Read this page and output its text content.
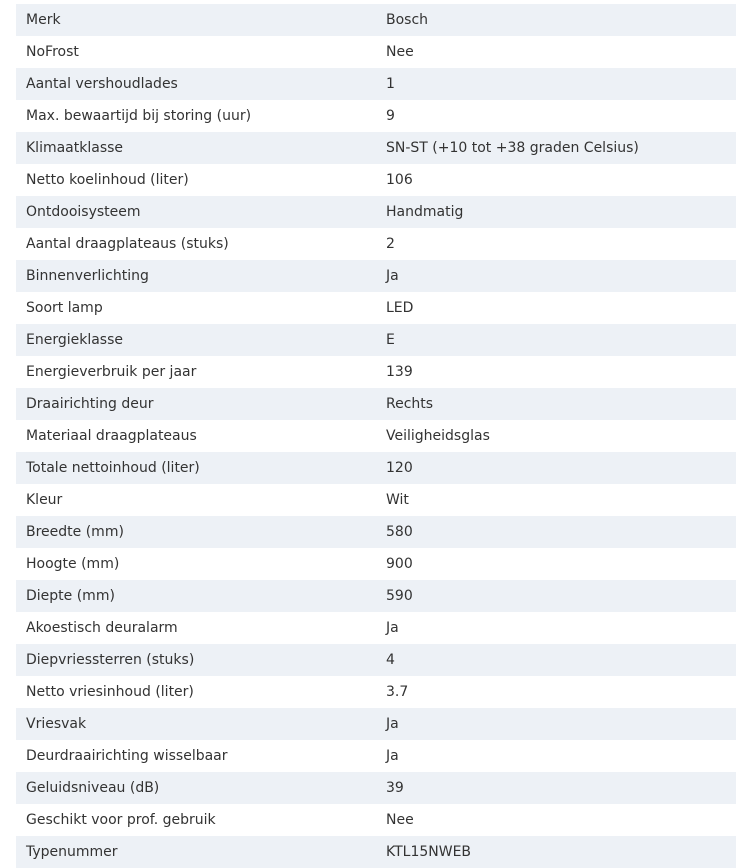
Merk	Bosch
NoFrost	Nee
Aantal vershoudlades	1
Max. bewaartijd bij storing (uur)	9
Klimaatklasse	SN-ST (+10 tot +38 graden Celsius)
Netto koelinhoud (liter)	106
Ontdooisysteem	Handmatig
Aantal draagplateaus (stuks)	2
Binnenverlichting	Ja
Soort lamp	LED
Energieklasse	E
Energieverbruik per jaar	139
Draairichting deur	Rechts
Materiaal draagplateaus	Veiligheidsglas
Totale nettoinhoud (liter)	120
Kleur	Wit
Breedte (mm)	580
Hoogte (mm)	900
Diepte (mm)	590
Akoestisch deuralarm	Ja
Diepvriessterren (stuks)	4
Netto vriesinhoud (liter)	3.7
Vriesvak	Ja
Deurdraairichting wisselbaar	Ja
Geluidsniveau (dB)	39
Geschikt voor prof. gebruik	Nee
Typenummer	KTL15NWEB
